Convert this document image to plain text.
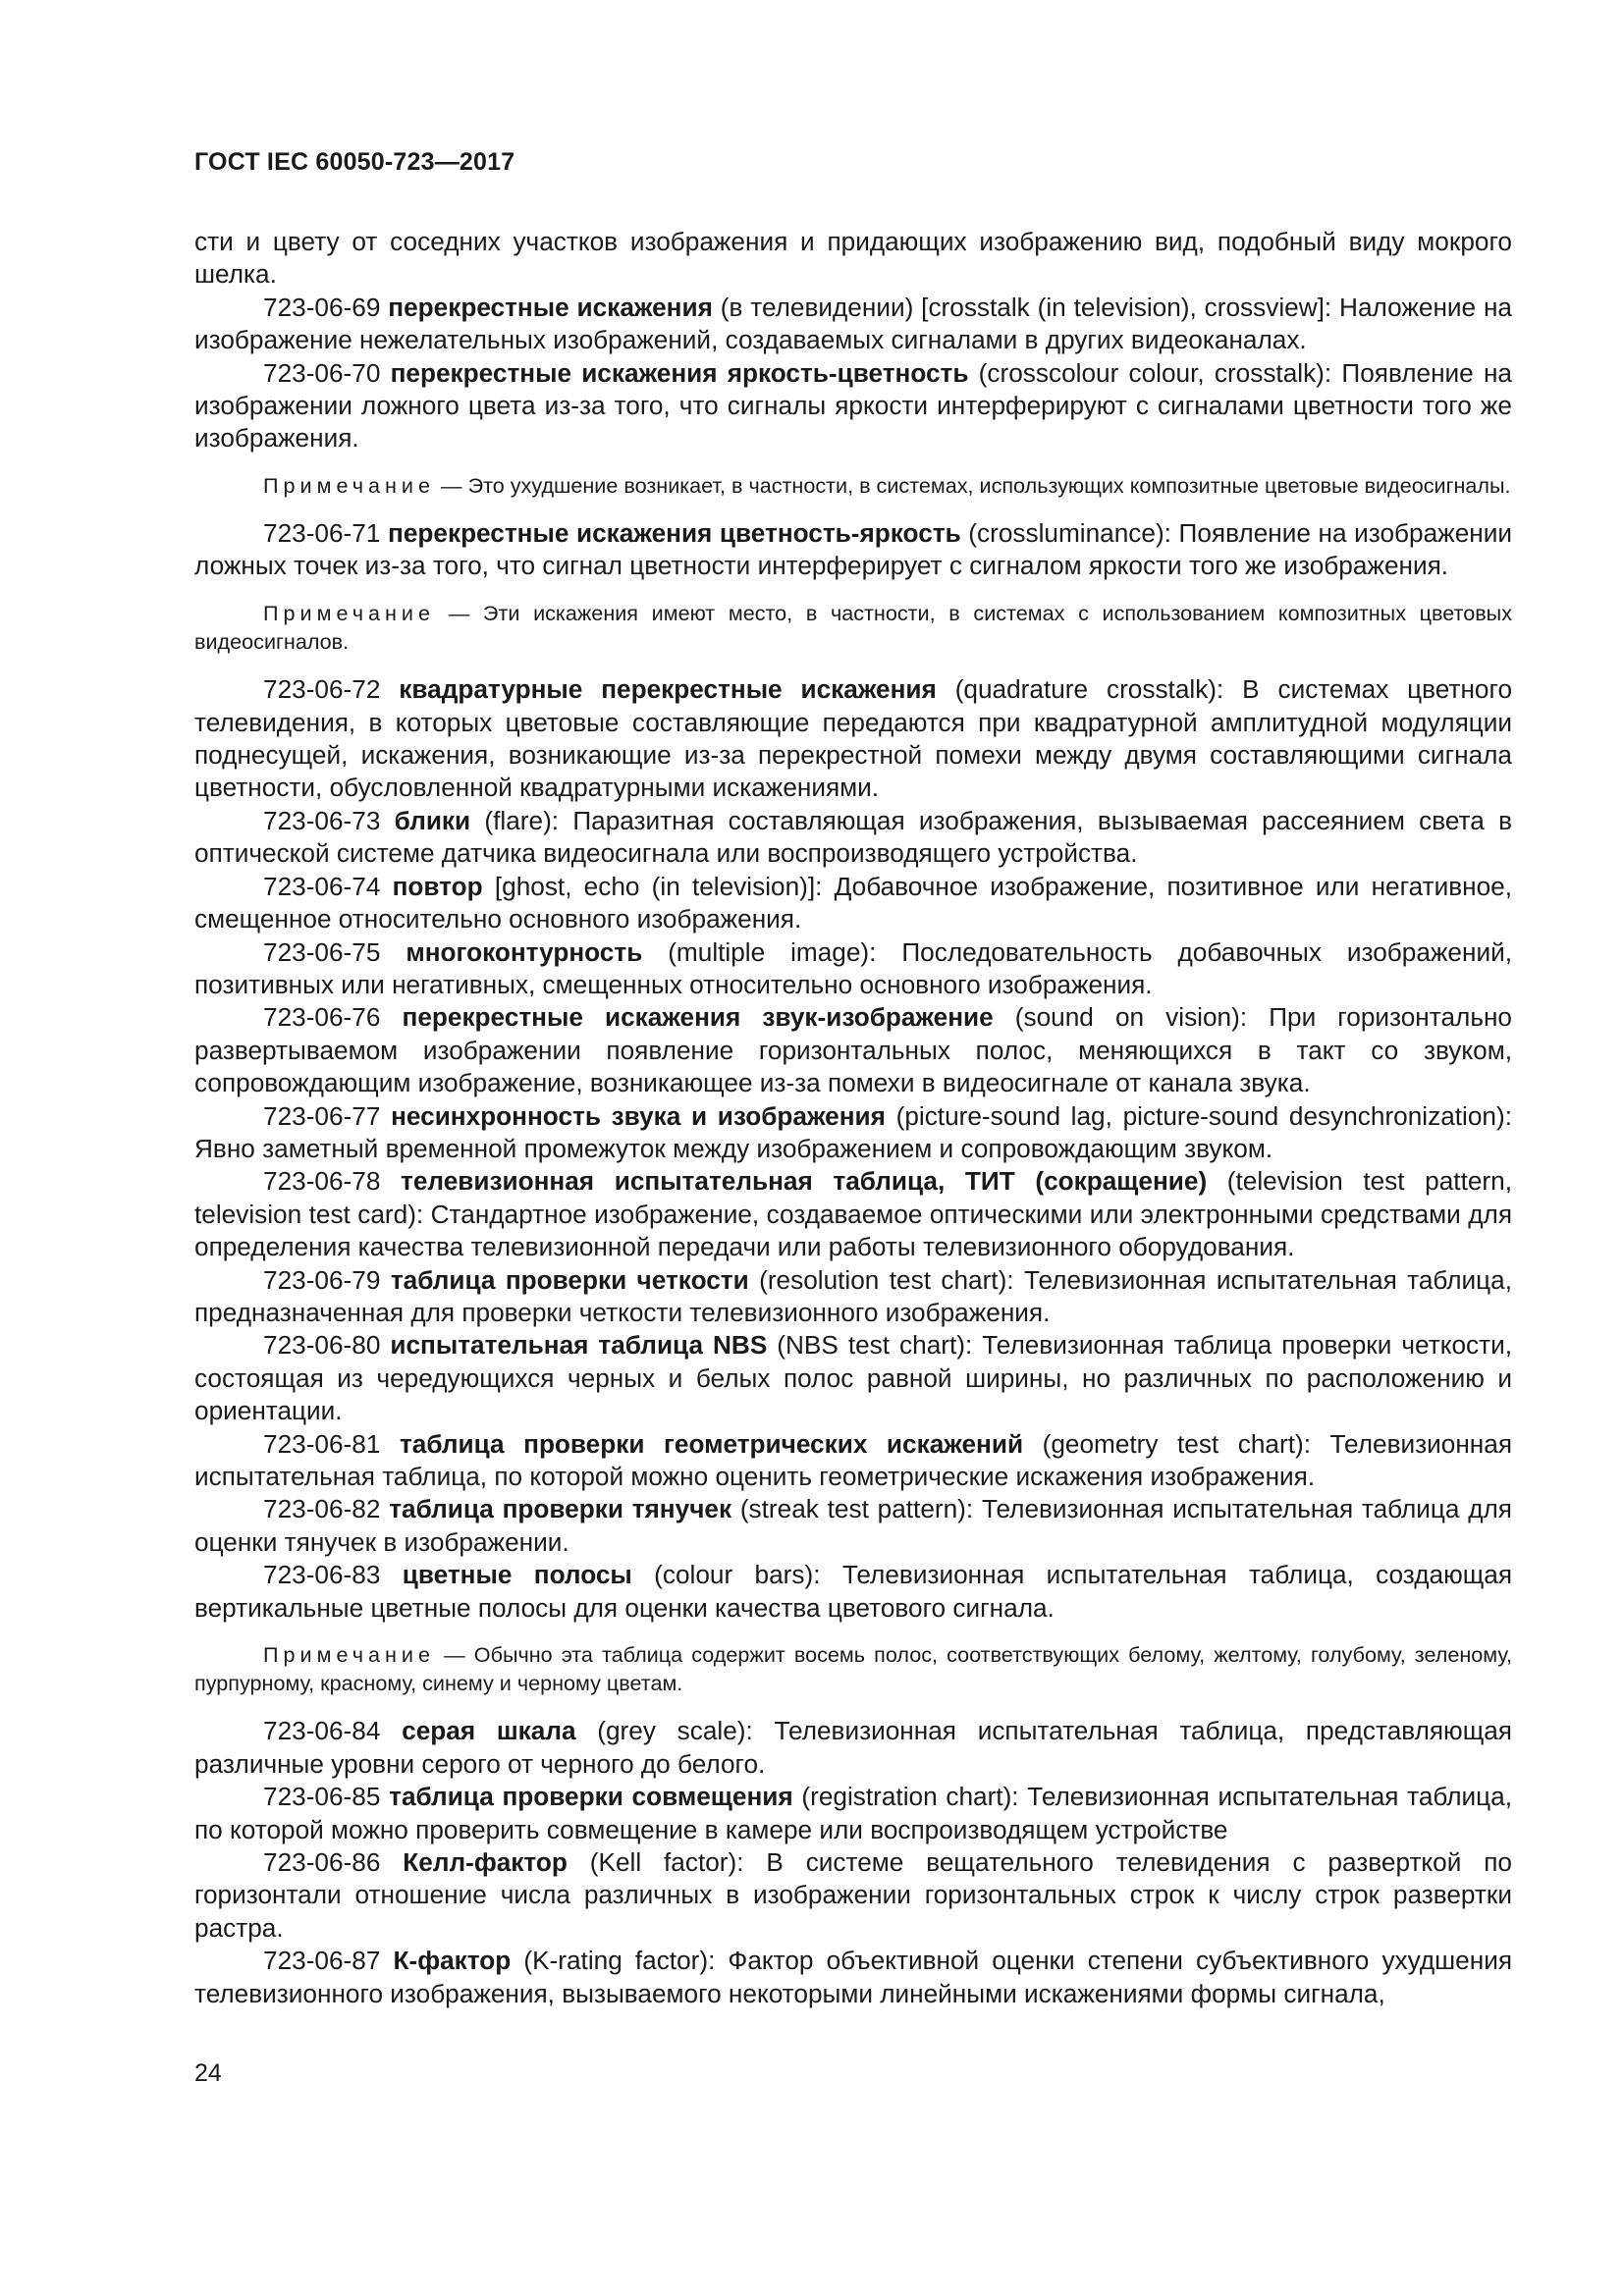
ГОСТ IEC 60050-723—2017

сти и цвету от соседних участков изображения и придающих изображению вид, подобный виду мокрого шелка.

723-06-69 перекрестные искажения (в телевидении) [crosstalk (in television), crossview]: Наложение на изображение нежелательных изображений, создаваемых сигналами в других видеоканалах.

723-06-70 перекрестные искажения яркость-цветность (crosscolour colour, crosstalk): Появление на изображении ложного цвета из-за того, что сигналы яркости интерферируют с сигналами цветности того же изображения.

Примечание — Это ухудшение возникает, в частности, в системах, использующих композитные цветовые видеосигналы.

723-06-71 перекрестные искажения цветность-яркость (crossluminance): Появление на изображении ложных точек из-за того, что сигнал цветности интерферирует с сигналом яркости того же изображения.

Примечание — Эти искажения имеют место, в частности, в системах с использованием композитных цветовых видеосигналов.

723-06-72 квадратурные перекрестные искажения (quadrature crosstalk): В системах цветного телевидения, в которых цветовые составляющие передаются при квадратурной амплитудной модуляции поднесущей, искажения, возникающие из-за перекрестной помехи между двумя составляющими сигнала цветности, обусловленной квадратурными искажениями.

723-06-73 блики (flare): Паразитная составляющая изображения, вызываемая рассеянием света в оптической системе датчика видеосигнала или воспроизводящего устройства.

723-06-74 повтор [ghost, echo (in television)]: Добавочное изображение, позитивное или негативное, смещенное относительно основного изображения.

723-06-75 многоконтурность (multiple image): Последовательность добавочных изображений, позитивных или негативных, смещенных относительно основного изображения.

723-06-76 перекрестные искажения звук-изображение (sound on vision): При горизонтально развертываемом изображении появление горизонтальных полос, меняющихся в такт со звуком, сопровождающим изображение, возникающее из-за помехи в видеосигнале от канала звука.

723-06-77 несинхронность звука и изображения (picture-sound lag, picture-sound desynchronization): Явно заметный временной промежуток между изображением и сопровождающим звуком.

723-06-78 телевизионная испытательная таблица, ТИТ (сокращение) (television test pattern, television test card): Стандартное изображение, создаваемое оптическими или электронными средствами для определения качества телевизионной передачи или работы телевизионного оборудования.

723-06-79 таблица проверки четкости (resolution test chart): Телевизионная испытательная таблица, предназначенная для проверки четкости телевизионного изображения.

723-06-80 испытательная таблица NBS (NBS test chart): Телевизионная таблица проверки четкости, состоящая из чередующихся черных и белых полос равной ширины, но различных по расположению и ориентации.

723-06-81 таблица проверки геометрических искажений (geometry test chart): Телевизионная испытательная таблица, по которой можно оценить геометрические искажения изображения.

723-06-82 таблица проверки тянучек (streak test pattern): Телевизионная испытательная таблица для оценки тянучек в изображении.

723-06-83 цветные полосы (colour bars): Телевизионная испытательная таблица, создающая вертикальные цветные полосы для оценки качества цветового сигнала.

Примечание — Обычно эта таблица содержит восемь полос, соответствующих белому, желтому, голубому, зеленому, пурпурному, красному, синему и черному цветам.

723-06-84 серая шкала (grey scale): Телевизионная испытательная таблица, представляющая различные уровни серого от черного до белого.

723-06-85 таблица проверки совмещения (registration chart): Телевизионная испытательная таблица, по которой можно проверить совмещение в камере или воспроизводящем устройстве

723-06-86 Келл-фактор (Kell factor): В системе вещательного телевидения с разверткой по горизонтали отношение числа различных в изображении горизонтальных строк к числу строк развертки растра.

723-06-87 К-фактор (K-rating factor): Фактор объективной оценки степени субъективного ухудшения телевизионного изображения, вызываемого некоторыми линейными искажениями формы сигнала,

24
